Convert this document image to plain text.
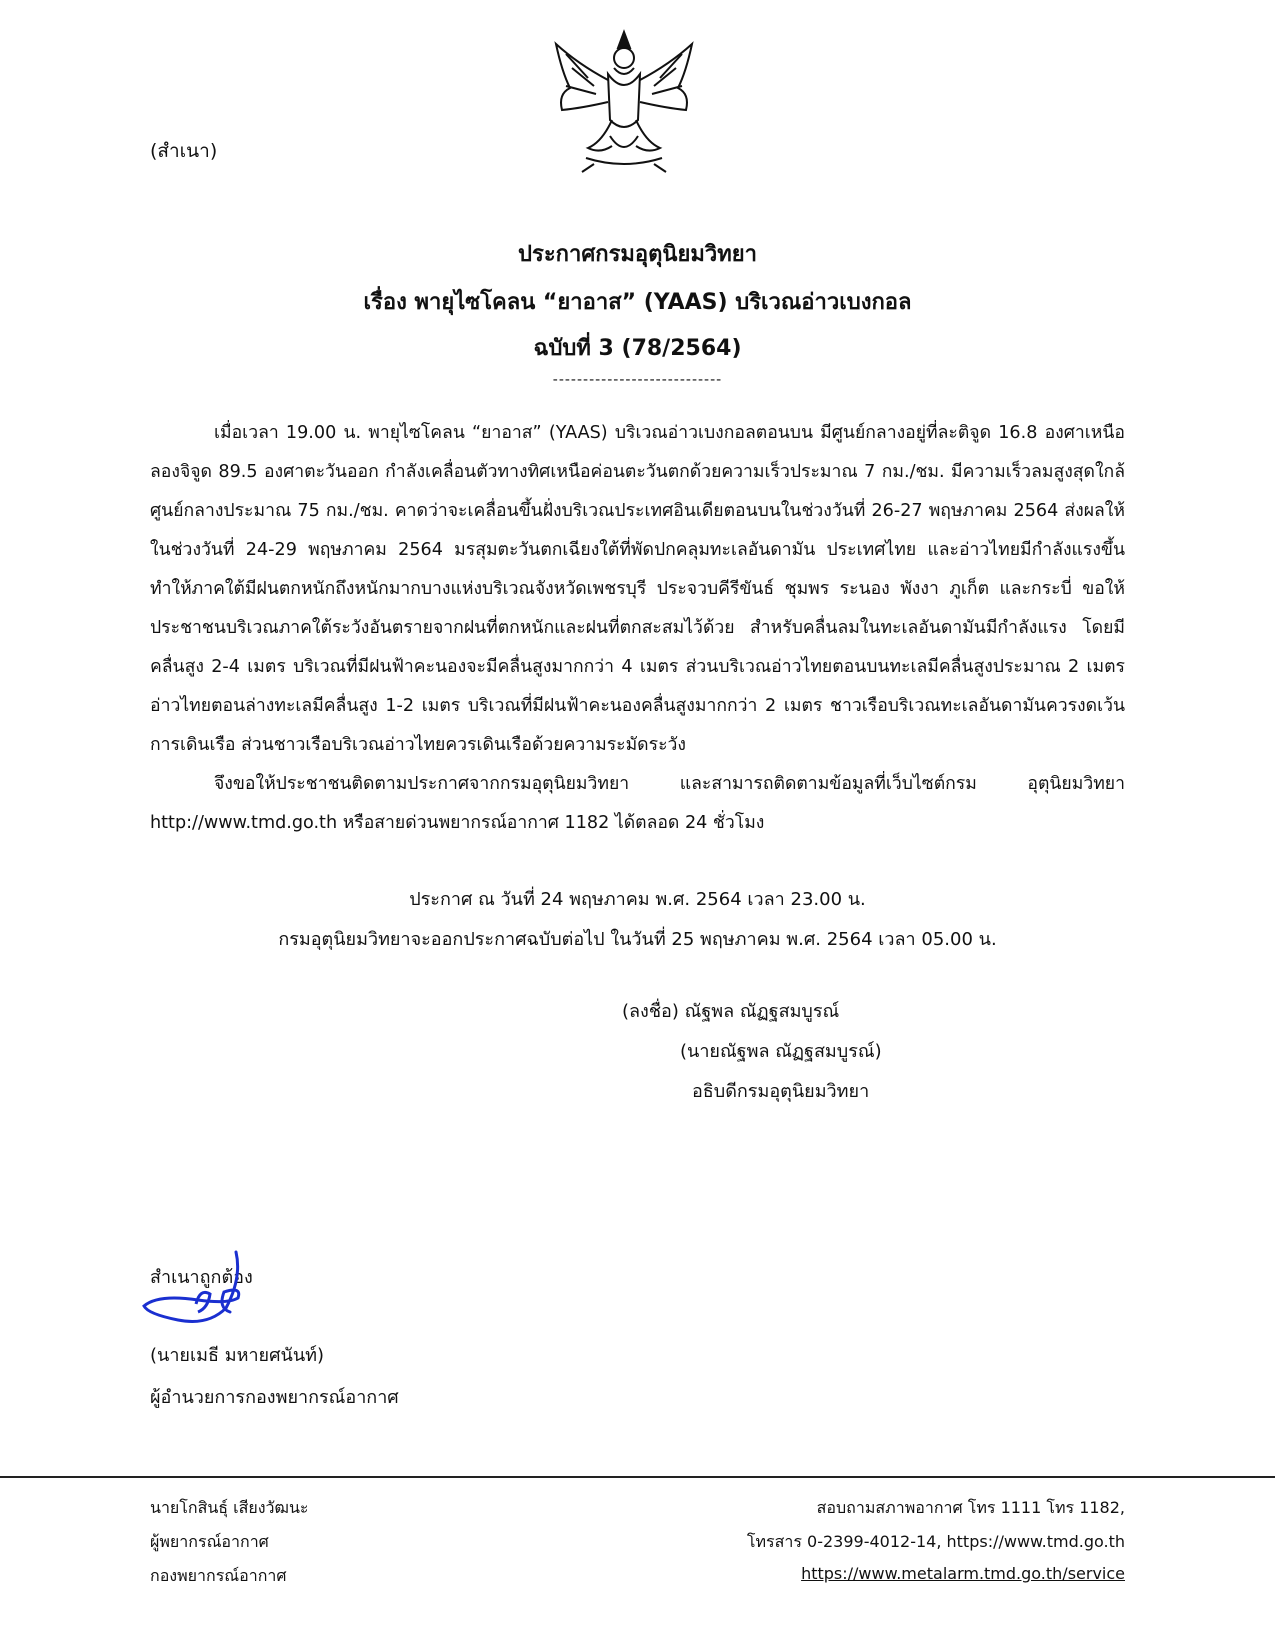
(สำเนา)
ประกาศกรมอุตุนิยมวิทยา
เรื่อง พายุไซโคลน “ยาอาส” (YAAS) บริเวณอ่าวเบงกอล
ฉบับที่ 3 (78/2564)
----------------------------

เมื่อเวลา 19.00 น. พายุไซโคลน “ยาอาส” (YAAS) บริเวณอ่าวเบงกอลตอนบน มีศูนย์กลางอยู่ที่ละติจูด 16.8 องศาเหนือ ลองจิจูด 89.5 องศาตะวันออก กำลังเคลื่อนตัวทางทิศเหนือค่อนตะวันตกด้วยความเร็วประมาณ 7 กม./ชม. มีความเร็วลมสูงสุดใกล้ศูนย์กลางประมาณ 75 กม./ชม. คาดว่าจะเคลื่อนขึ้นฝั่งบริเวณประเทศอินเดียตอนบนในช่วงวันที่ 26-27 พฤษภาคม 2564 ส่งผลให้ในช่วงวันที่ 24-29 พฤษภาคม 2564 มรสุมตะวันตกเฉียงใต้ที่พัดปกคลุมทะเลอันดามัน ประเทศไทย และอ่าวไทยมีกำลังแรงขึ้น ทำให้ภาคใต้มีฝนตกหนักถึงหนักมากบางแห่งบริเวณจังหวัดเพชรบุรี ประจวบคีรีขันธ์ ชุมพร ระนอง พังงา ภูเก็ต และกระบี่ ขอให้ประชาชนบริเวณภาคใต้ระวังอันตรายจากฝนที่ตกหนักและฝนที่ตกสะสมไว้ด้วย สำหรับคลื่นลมในทะเลอันดามันมีกำลังแรง โดยมีคลื่นสูง 2-4 เมตร บริเวณที่มีฝนฟ้าคะนองจะมีคลื่นสูงมากกว่า 4 เมตร ส่วนบริเวณอ่าวไทยตอนบนทะเลมีคลื่นสูงประมาณ 2 เมตร อ่าวไทยตอนล่างทะเลมีคลื่นสูง 1-2 เมตร บริเวณที่มีฝนฟ้าคะนองคลื่นสูงมากกว่า 2 เมตร ชาวเรือบริเวณทะเลอันดามันควรงดเว้นการเดินเรือ ส่วนชาวเรือบริเวณอ่าวไทยควรเดินเรือด้วยความระมัดระวัง

จึงขอให้ประชาชนติดตามประกาศจากกรมอุตุนิยมวิทยา และสามารถติดตามข้อมูลที่เว็บไซต์กรม อุตุนิยมวิทยา http://www.tmd.go.th หรือสายด่วนพยากรณ์อากาศ 1182 ได้ตลอด 24 ชั่วโมง

ประกาศ ณ วันที่ 24 พฤษภาคม พ.ศ. 2564 เวลา 23.00 น.
กรมอุตุนิยมวิทยาจะออกประกาศฉบับต่อไป ในวันที่ 25 พฤษภาคม พ.ศ. 2564 เวลา 05.00 น.
(ลงชื่อ) ณัฐพล ณัฏฐสมบูรณ์
(นายณัฐพล ณัฏฐสมบูรณ์)
อธิบดีกรมอุตุนิยมวิทยา
สำเนาถูกต้อง
(นายเมธี มหายศนันท์)
ผู้อำนวยการกองพยากรณ์อากาศ
นายโกสินธุ์ เสียงวัฒนะ
ผู้พยากรณ์อากาศ
กองพยากรณ์อากาศ
สอบถามสภาพอากาศ โทร 1111 โทร 1182,
โทรสาร 0-2399-4012-14, https://www.tmd.go.th
https://www.metalarm.tmd.go.th/service
